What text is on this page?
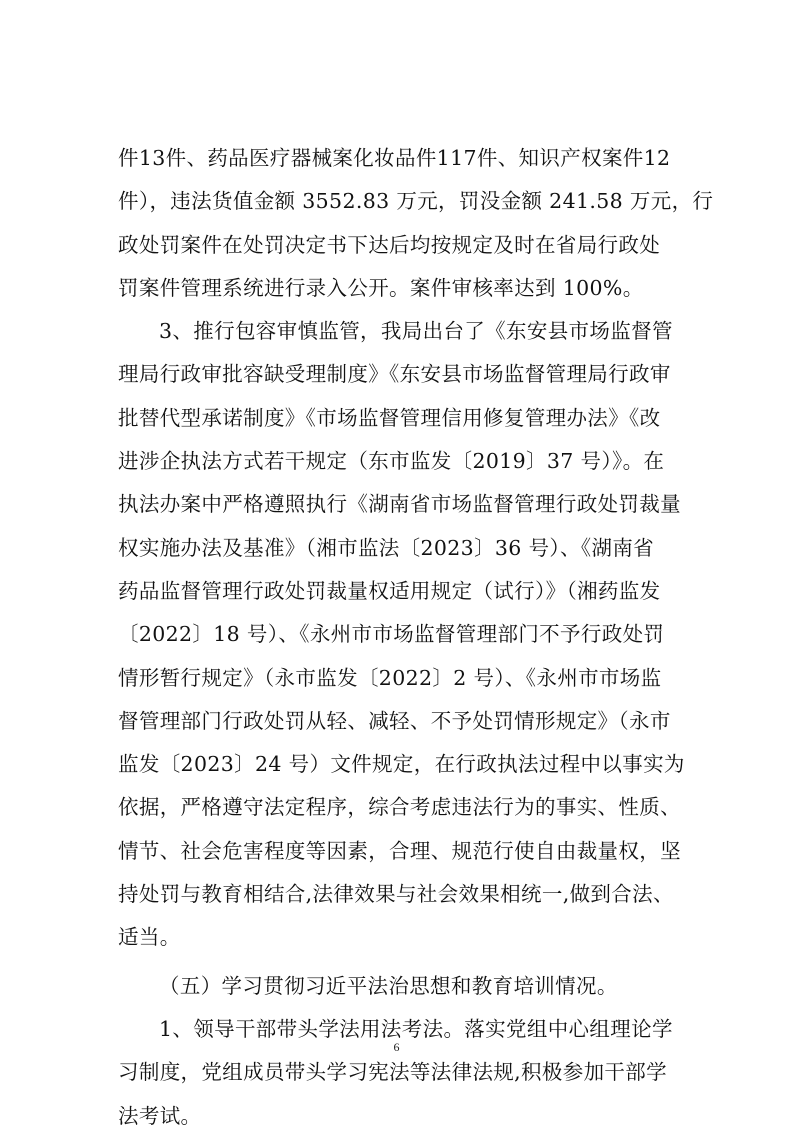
件13件、药品医疗器械案化妆品件117件、知识产权案件12
件），违法货值金额 3552.83 万元，罚没金额 241.58 万元，行
政处罚案件在处罚决定书下达后均按规定及时在省局行政处
罚案件管理系统进行录入公开。案件审核率达到 100%。
3、推行包容审慎监管，我局出台了《东安县市场监督管
理局行政审批容缺受理制度》《东安县市场监督管理局行政审
批替代型承诺制度》《市场监督管理信用修复管理办法》《改
进涉企执法方式若干规定（东市监发〔2019〕37 号）》。在
执法办案中严格遵照执行《湖南省市场监督管理行政处罚裁量
权实施办法及基准》（湘市监法〔2023〕36 号）、《湖南省
药品监督管理行政处罚裁量权适用规定（试行）》（湘药监发
〔2022〕18 号）、《永州市市场监督管理部门不予行政处罚
情形暂行规定》（永市监发〔2022〕2 号）、《永州市市场监
督管理部门行政处罚从轻、减轻、不予处罚情形规定》（永市
监发〔2023〕24 号）文件规定，在行政执法过程中以事实为
依据，严格遵守法定程序，综合考虑违法行为的事实、性质、
情节、社会危害程度等因素，合理、规范行使自由裁量权，坚
持处罚与教育相结合,法律效果与社会效果相统一,做到合法、
适当。
（五）学习贯彻习近平法治思想和教育培训情况。
1、领导干部带头学法用法考法。落实党组中心组理论学
习制度，党组成员带头学习宪法等法律法规,积极参加干部学
法考试。
6
